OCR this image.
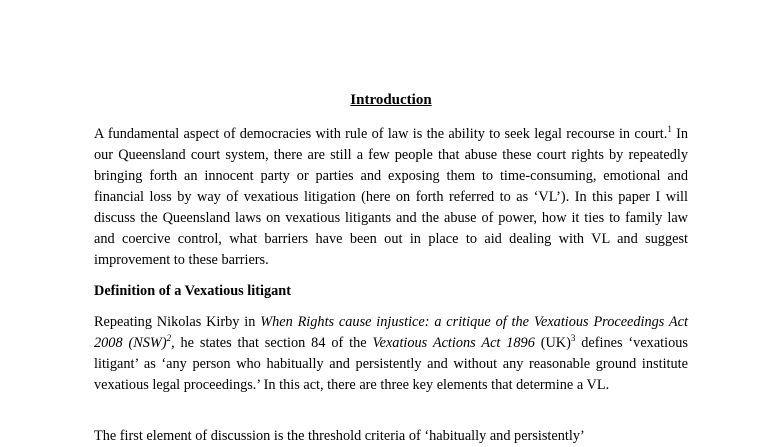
Introduction

A fundamental aspect of democracies with rule of law is the ability to seek legal recourse in court.$^1$ In our Queensland court system, there are still a few people that abuse these court rights by repeatedly bringing forth an innocent party or parties and exposing them to time-consuming, emotional and financial loss by way of vexatious litigation (here on forth referred to as ‘VL’). In this paper I will discuss the Queensland laws on vexatious litigants and the abuse of power, how it ties to family law and coercive control, what barriers have been out in place to aid dealing with VL and suggest improvement to these barriers.

Definition of a Vexatious litigant

Repeating Nikolas Kirby in When Rights cause injustice: a critique of the Vexatious Proceedings Act 2008 (NSW)$^2$, he states that section 84 of the Vexatious Actions Act 1896 (UK)$^3$ defines ‘vexatious litigant’ as ‘any person who habitually and persistently and without any reasonable ground institute vexatious legal proceedings.’ In this act, there are three key elements that determine a VL.

The first element of discussion is the threshold criteria of ‘habitually and persistently’
